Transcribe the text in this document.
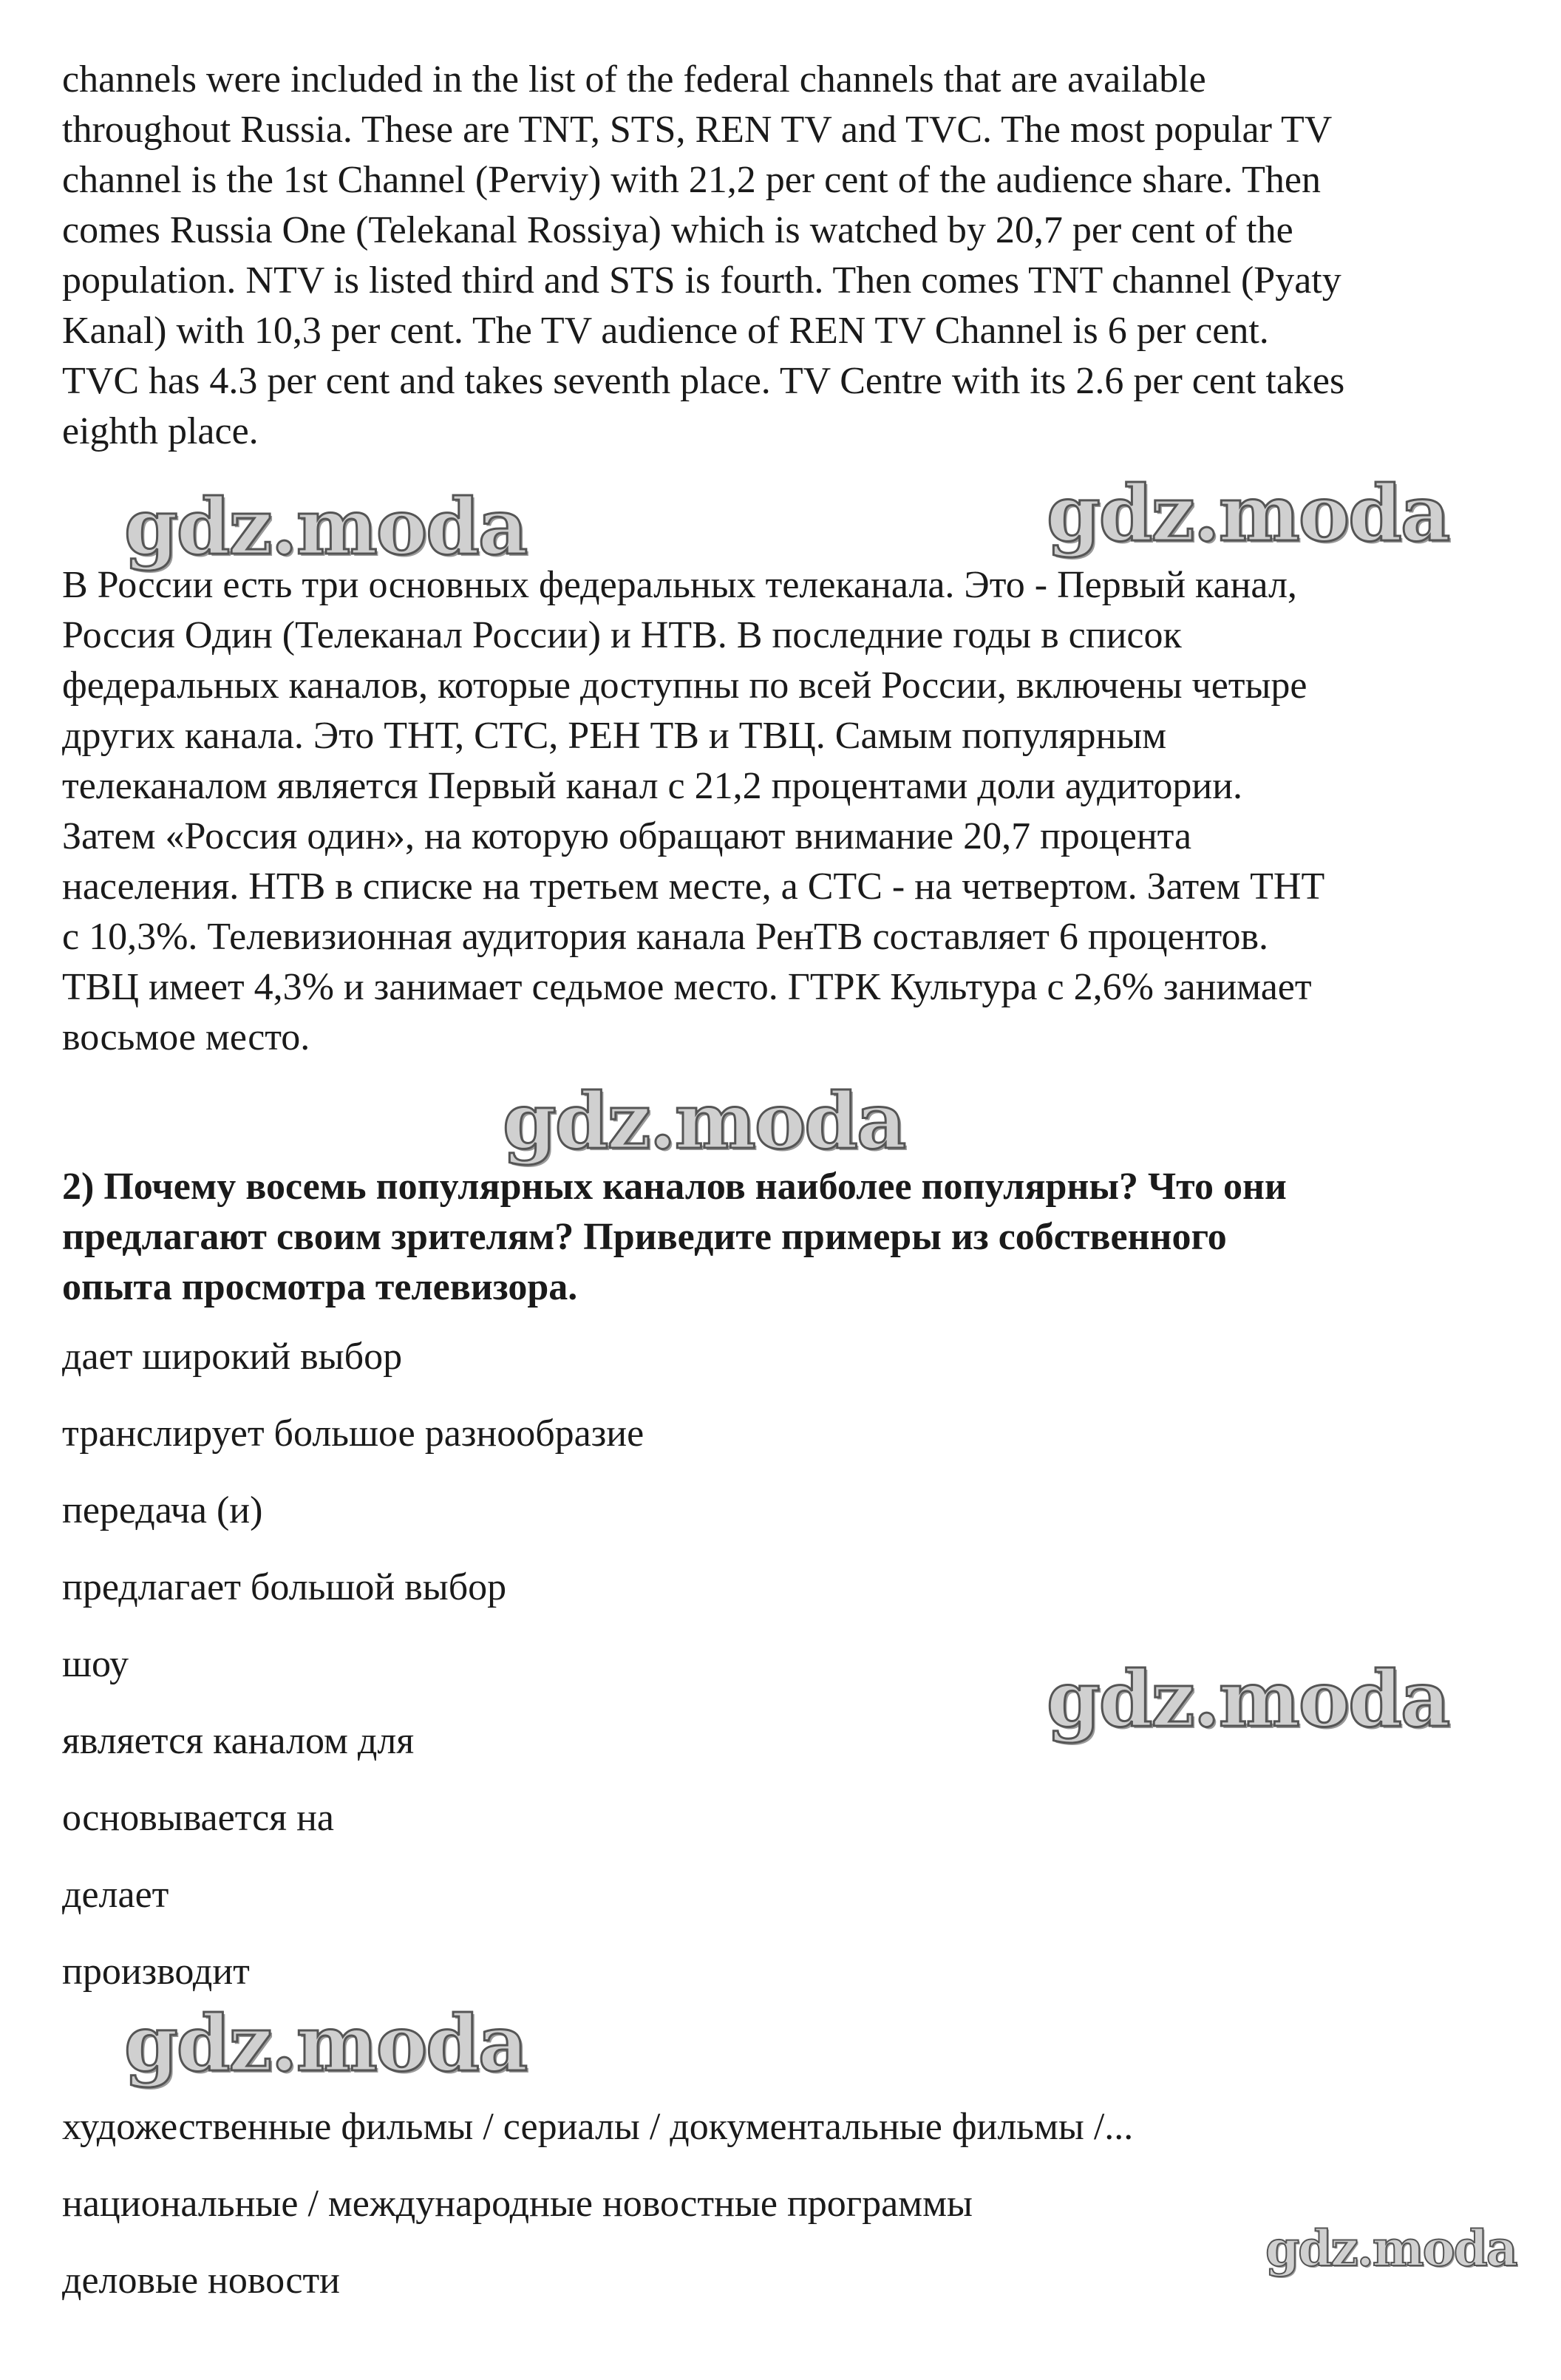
channels were included in the list of the federal channels that are available
throughout Russia. These are TNT, STS, REN TV and TVC. The most popular TV
channel is the 1st Channel (Perviy) with 21,2 per cent of the audience share. Then
comes Russia One (Telekanal Rossiya) which is watched by 20,7 per cent of the
population. NTV is listed third and STS is fourth. Then comes TNT channel (Pyaty
Kanal) with 10,3 per cent. The TV audience of REN TV Channel is 6 per cent.
TVC has 4.3 per cent and takes seventh place. TV Centre with its 2.6 per cent takes
eighth place.
gdz.moda	gdz.moda
В России есть три основных федеральных телеканала. Это - Первый канал,
Россия Один (Телеканал России) и НТВ. В последние годы в список
федеральных каналов, которые доступны по всей России, включены четыре
других канала. Это ТНТ, СТС, РЕН ТВ и ТВЦ. Самым популярным
телеканалом является Первый канал с 21,2 процентами доли аудитории.
Затем «Россия один», на которую обращают внимание 20,7 процента
населения. НТВ в списке на третьем месте, а СТС - на четвертом. Затем ТНТ
с 10,3%. Телевизионная аудитория канала РенТВ составляет 6 процентов.
ТВЦ имеет 4,3% и занимает седьмое место. ГТРК Культура с 2,6% занимает
восьмое место.
gdz.moda
2) Почему восемь популярных каналов наиболее популярны? Что они
предлагают своим зрителям? Приведите примеры из собственного
опыта просмотра телевизора.
дает широкий выбор
транслирует большое разнообразие
передача (и)
предлагает большой выбор
шоу
является каналом для
основывается на
делает
производит
gdz.moda
gdz.moda
художественные фильмы / сериалы / документальные фильмы /...
национальные / международные новостные программы
деловые новости
gdz.moda
